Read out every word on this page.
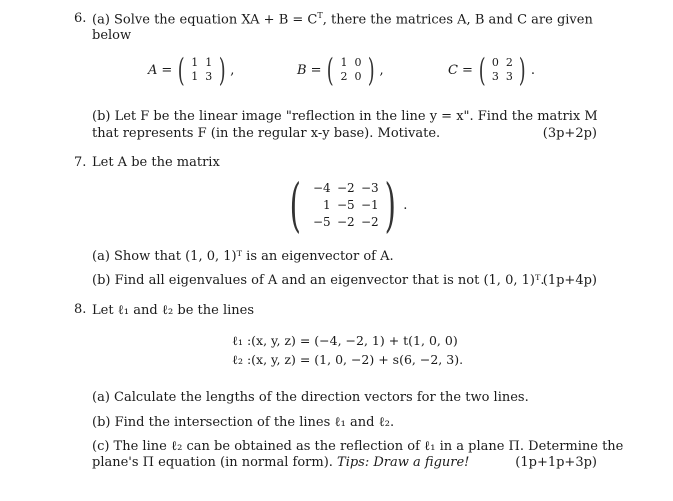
6. (a) Solve the equation XA + $B = C^T$, there the matrices A, B and C are given
below
A = ( 1 1
1 3 ) ,	B = ( 1 0
2 0 ) ,	C = ( 0 2
3 3 ) .
(b) Let F be the linear image "reflection in the line y = x". Find the matrix M
that represents F (in the regular x-y base). Motivate.	(3p+2p)
7. Let A be the matrix
( −4 −2 −3
1 −5 −1
−5 −2 −2 ) .
(a) Show that (1, 0, 1)ᵀ is an eigenvector of A.
(b) Find all eigenvalues of A and an eigenvector that is not (1, 0, 1)ᵀ.
(1p+4p)
8. Let ℓ₁ and ℓ₂ be the lines
ℓ₁ :(x, y, z) = (−4, −2, 1) + t(1, 0, 0)
ℓ₂ :(x, y, z) = (1, 0, −2) + s(6, −2, 3).
(a) Calculate the lengths of the direction vectors for the two lines.
(b) Find the intersection of the lines ℓ₁ and ℓ₂.
(c) The line ℓ₂ can be obtained as the reflection of ℓ₁ in a plane Π. Determine the
plane's Π equation (in normal form). Tips: Draw a figure!	(1p+1p+3p)
